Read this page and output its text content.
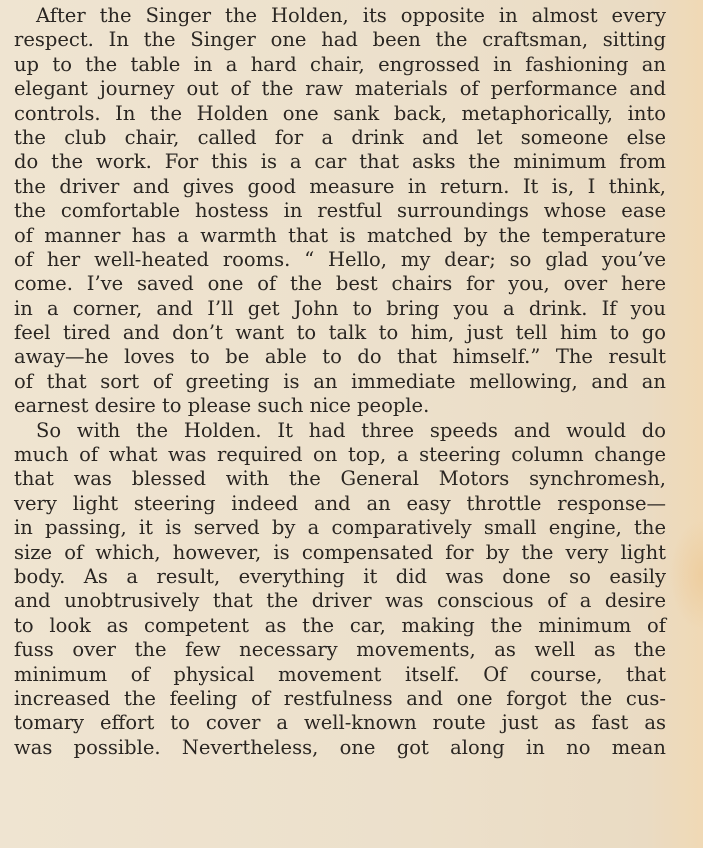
After the Singer the Holden, its opposite in almost every
respect. In the Singer one had been the craftsman, sitting
up to the table in a hard chair, engrossed in fashioning an
elegant journey out of the raw materials of performance and
controls. In the Holden one sank back, metaphorically, into
the club chair, called for a drink and let someone else
do the work. For this is a car that asks the minimum from
the driver and gives good measure in return. It is, I think,
the comfortable hostess in restful surroundings whose ease
of manner has a warmth that is matched by the temperature
of her well-heated rooms. “ Hello, my dear; so glad you’ve
come. I’ve saved one of the best chairs for you, over here
in a corner, and I’ll get John to bring you a drink. If you
feel tired and don’t want to talk to him, just tell him to go
away—he loves to be able to do that himself.” The result
of that sort of greeting is an immediate mellowing, and an
earnest desire to please such nice people.
So with the Holden. It had three speeds and would do
much of what was required on top, a steering column change
that was blessed with the General Motors synchromesh,
very light steering indeed and an easy throttle response—
in passing, it is served by a comparatively small engine, the
size of which, however, is compensated for by the very light
body. As a result, everything it did was done so easily
and unobtrusively that the driver was conscious of a desire
to look as competent as the car, making the minimum of
fuss over the few necessary movements, as well as the
minimum of physical movement itself. Of course, that
increased the feeling of restfulness and one forgot the cus-
tomary effort to cover a well-known route just as fast as
was possible. Nevertheless, one got along in no mean
